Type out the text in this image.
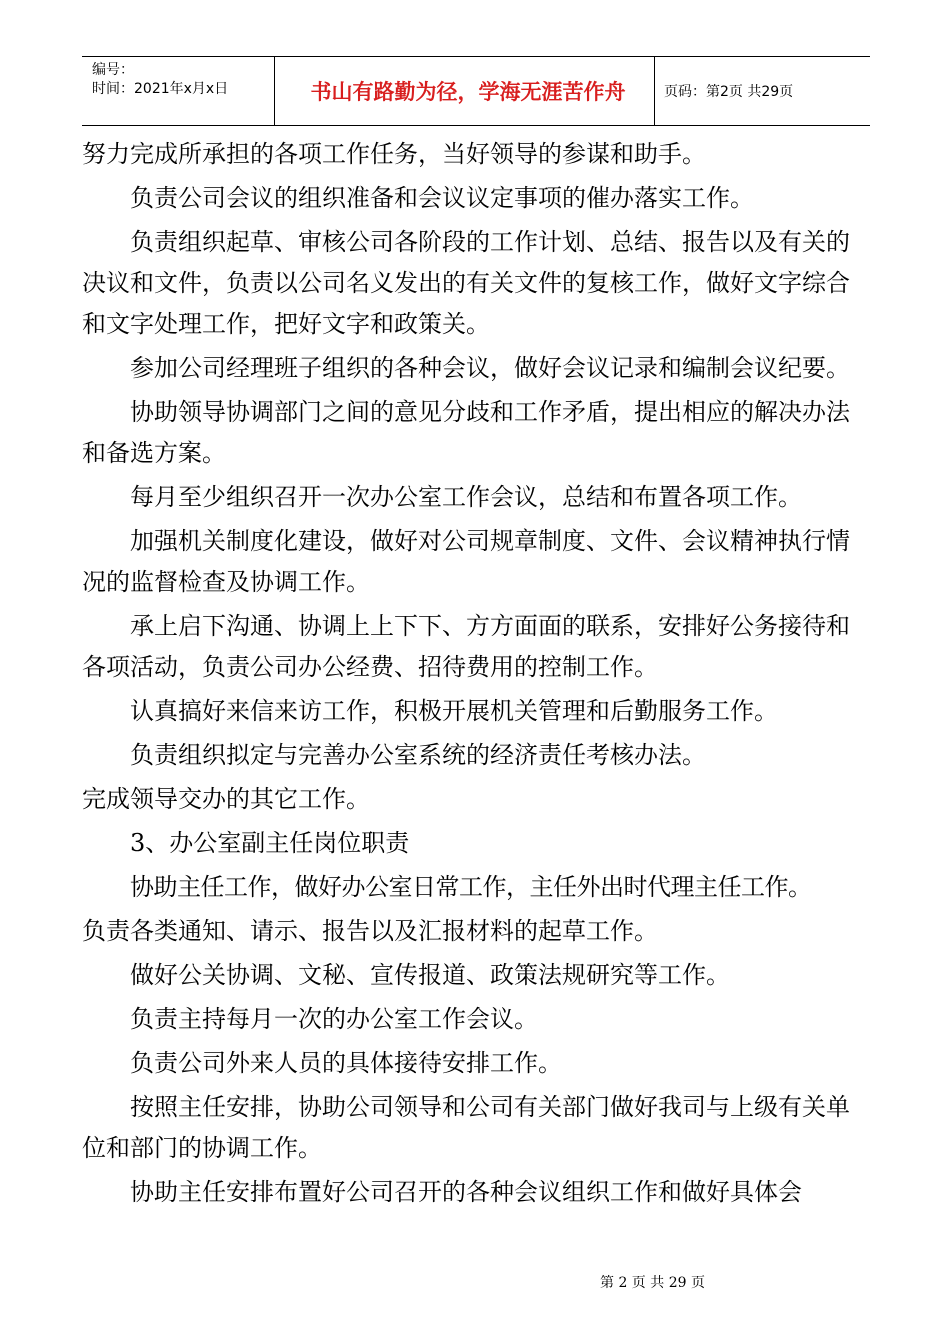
编号：
时间：2021年x月x日	书山有路勤为径，学海无涯苦作舟	页码：第2页 共29页

努力完成所承担的各项工作任务，当好领导的参谋和助手。

负责公司会议的组织准备和会议议定事项的催办落实工作。

负责组织起草、审核公司各阶段的工作计划、总结、报告以及有关的决议和文件，负责以公司名义发出的有关文件的复核工作，做好文字综合和文字处理工作，把好文字和政策关。

参加公司经理班子组织的各种会议，做好会议记录和编制会议纪要。

协助领导协调部门之间的意见分歧和工作矛盾，提出相应的解决办法和备选方案。

每月至少组织召开一次办公室工作会议，总结和布置各项工作。

加强机关制度化建设，做好对公司规章制度、文件、会议精神执行情况的监督检查及协调工作。

承上启下沟通、协调上上下下、方方面面的联系，安排好公务接待和各项活动，负责公司办公经费、招待费用的控制工作。

认真搞好来信来访工作，积极开展机关管理和后勤服务工作。

负责组织拟定与完善办公室系统的经济责任考核办法。

完成领导交办的其它工作。

3、办公室副主任岗位职责

协助主任工作，做好办公室日常工作，主任外出时代理主任工作。

负责各类通知、请示、报告以及汇报材料的起草工作。

做好公关协调、文秘、宣传报道、政策法规研究等工作。

负责主持每月一次的办公室工作会议。

负责公司外来人员的具体接待安排工作。

按照主任安排，协助公司领导和公司有关部门做好我司与上级有关单位和部门的协调工作。

协助主任安排布置好公司召开的各种会议组织工作和做好具体会

第 2 页 共 29 页
